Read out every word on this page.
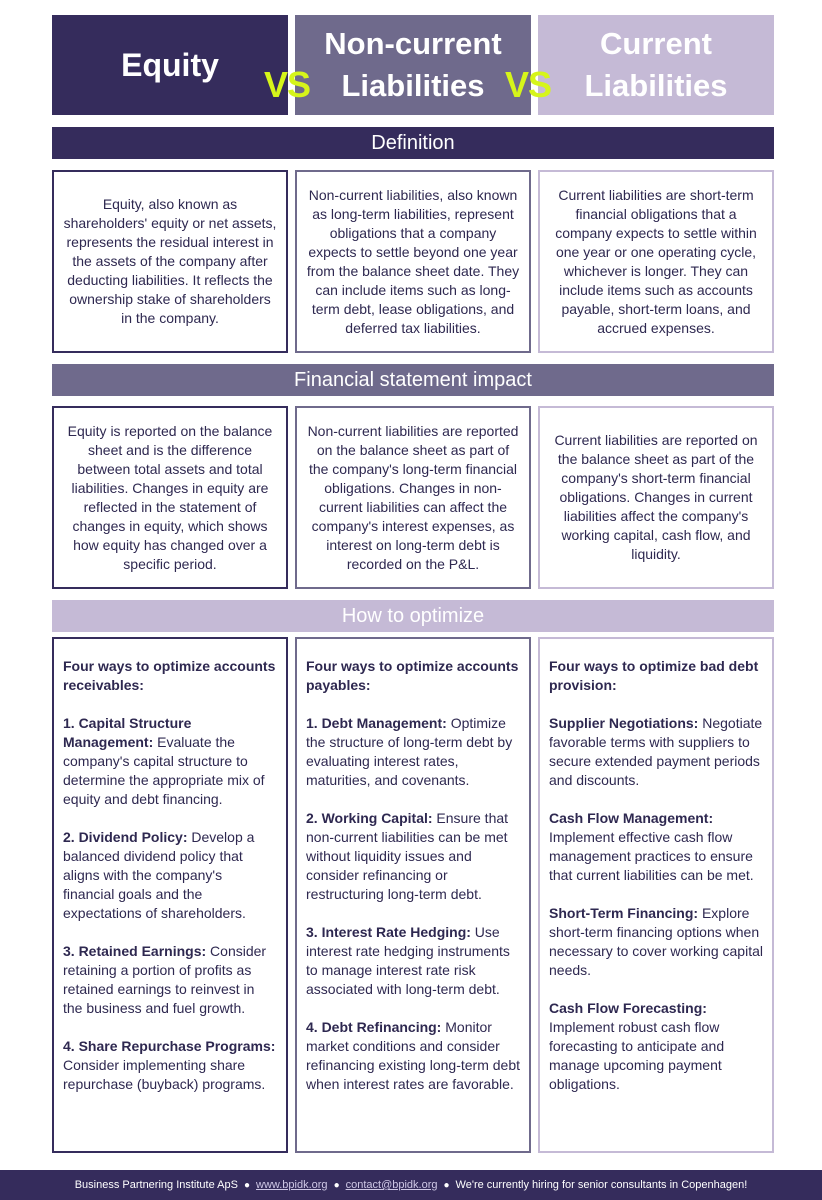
Equity
Non-current
Liabilities
Current
Liabilities
VS	VS
Definition
Equity, also known as shareholders' equity or net assets, represents the residual interest in the assets of the company after deducting liabilities. It reflects the ownership stake of shareholders in the company.
Non-current liabilities, also known as long-term liabilities, represent obligations that a company expects to settle beyond one year from the balance sheet date. They can include items such as long-term debt, lease obligations, and deferred tax liabilities.
Current liabilities are short-term financial obligations that a company expects to settle within one year or one operating cycle, whichever is longer. They can include items such as accounts payable, short-term loans, and accrued expenses.
Financial statement impact
Equity is reported on the balance sheet and is the difference between total assets and total liabilities. Changes in equity are reflected in the statement of changes in equity, which shows how equity has changed over a specific period.
Non-current liabilities are reported on the balance sheet as part of the company's long-term financial obligations. Changes in non-current liabilities can affect the company's interest expenses, as interest on long-term debt is recorded on the P&L.
Current liabilities are reported on the balance sheet as part of the company's short-term financial obligations. Changes in current liabilities affect the company's working capital, cash flow, and liquidity.
How to optimize

Four ways to optimize accounts receivables:

1. Capital Structure Management: Evaluate the company's capital structure to determine the appropriate mix of equity and debt financing.

2. Dividend Policy: Develop a balanced dividend policy that aligns with the company's financial goals and the expectations of shareholders.

3. Retained Earnings: Consider retaining a portion of profits as retained earnings to reinvest in the business and fuel growth.

4. Share Repurchase Programs: Consider implementing share repurchase (buyback) programs.

Four ways to optimize accounts payables:

1. Debt Management: Optimize the structure of long-term debt by evaluating interest rates, maturities, and covenants.

2. Working Capital: Ensure that non-current liabilities can be met without liquidity issues and consider refinancing or restructuring long-term debt.

3. Interest Rate Hedging: Use interest rate hedging instruments to manage interest rate risk associated with long-term debt.

4. Debt Refinancing: Monitor market conditions and consider refinancing existing long-term debt when interest rates are favorable.

Four ways to optimize bad debt provision:

Supplier Negotiations: Negotiate favorable terms with suppliers to secure extended payment periods and discounts.

Cash Flow Management: Implement effective cash flow management practices to ensure that current liabilities can be met.

Short-Term Financing: Explore short-term financing options when necessary to cover working capital needs.

Cash Flow Forecasting: Implement robust cash flow forecasting to anticipate and manage upcoming payment obligations.

Business Partnering Institute ApS ● www.bpidk.org ● contact@bpidk.org ● We're currently hiring for senior consultants in Copenhagen!
